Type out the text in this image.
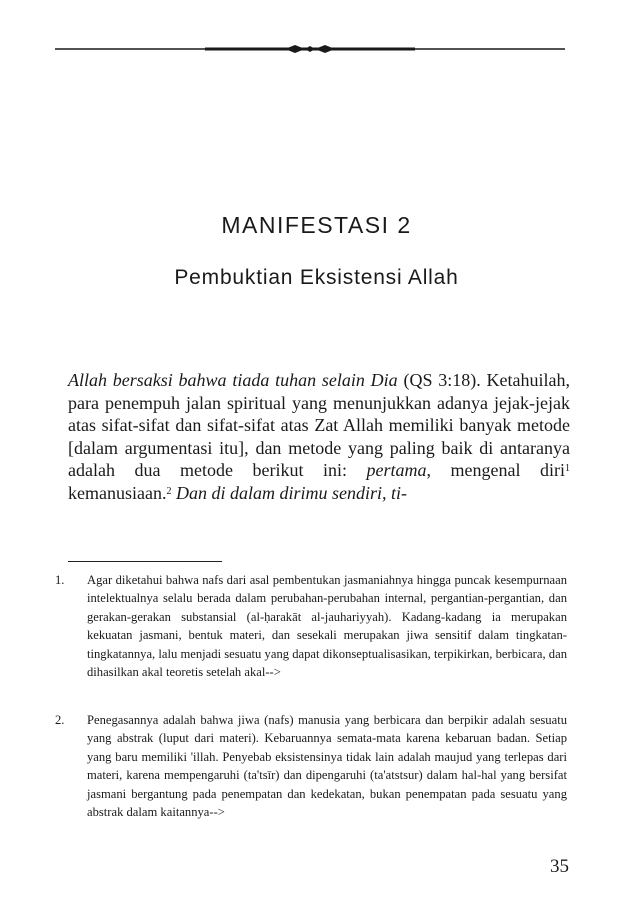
MANIFESTASI 2
Pembuktian Eksistensi Allah

Allah bersaksi bahwa tiada tuhan selain Dia (QS 3:18). Ketahuilah, para penempuh jalan spiritual yang menunjukkan adanya jejak-jejak atas sifat-sifat dan sifat-sifat atas Zat Allah memiliki banyak metode [dalam argumentasi itu], dan metode yang paling baik di antaranya adalah dua metode berikut ini: pertama, mengenal diri$^1$ kemanusiaan.$^2$ Dan di dalam dirimu sendiri, ti-

1. Agar diketahui bahwa nafs dari asal pembentukan jasmaniahnya hingga puncak kesempurnaan intelektualnya selalu berada dalam perubahan-perubahan internal, pergantian-pergantian, dan gerakan-gerakan substansial (al-ḥarakāt al-jauhariyyah). Kadang-kadang ia merupakan kekuatan jasmani, bentuk materi, dan sesekali merupakan jiwa sensitif dalam tingkatan-tingkatannya, lalu menjadi sesuatu yang dapat dikonseptualisasikan, terpikirkan, berbicara, dan dihasilkan akal teoretis setelah akal-->
2. Penegasannya adalah bahwa jiwa (nafs) manusia yang berbicara dan berpikir adalah sesuatu yang abstrak (luput dari materi). Kebaruannya semata-mata karena kebaruan badan. Setiap yang baru memiliki 'illah. Penyebab eksistensinya tidak lain adalah maujud yang terlepas dari materi, karena mempengaruhi (ta'tsīr) dan dipengaruhi (ta'atstsur) dalam hal-hal yang bersifat jasmani bergantung pada penempatan dan kedekatan, bukan penempatan pada sesuatu yang abstrak dalam kaitannya-->

35
